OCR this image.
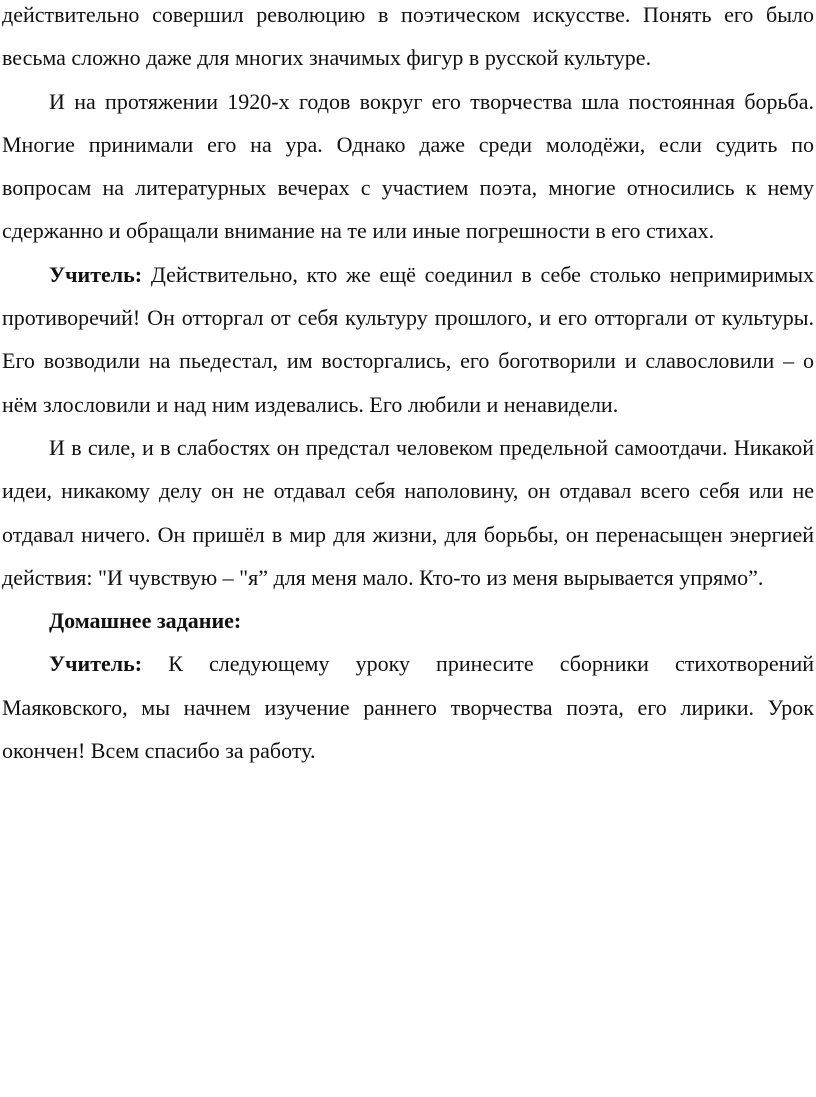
действительно совершил революцию в поэтическом искусстве. Понять его было весьма сложно даже для многих значимых фигур в русской культуре.

И на протяжении 1920-х годов вокруг его творчества шла постоянная борьба. Многие принимали его на ура. Однако даже среди молодёжи, если судить по вопросам на литературных вечерах с участием поэта, многие относились к нему сдержанно и обращали внимание на те или иные погрешности в его стихах.

Учитель: Действительно, кто же ещё соединил в себе столько непримиримых противоречий! Он отторгал от себя культуру прошлого, и его отторгали от культуры. Его возводили на пьедестал, им восторгались, его боготворили и славословили – о нём злословили и над ним издевались. Его любили и ненавидели.

И в силе, и в слабостях он предстал человеком предельной самоотдачи. Никакой идеи, никакому делу он не отдавал себя наполовину, он отдавал всего себя или не отдавал ничего. Он пришёл в мир для жизни, для борьбы, он перенасыщен энергией действия: "И чувствую – "я” для меня мало. Кто-то из меня вырывается упрямо”.

Домашнее задание:

Учитель: К следующему уроку принесите сборники стихотворений Маяковского, мы начнем изучение раннего творчества поэта, его лирики. Урок окончен! Всем спасибо за работу.
